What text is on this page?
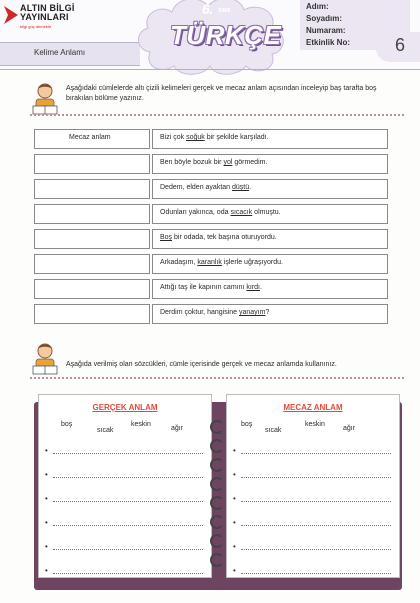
ALTIN BİLGİ
YAYINLARI
bilgi güç demektir
Kelime Anlamı
6. SINIF
TÜRKÇE
Adım:
Soyadım:
Numaram:
Etkinlik No: 6
Aşağıdaki cümlelerde altı çizili kelimeleri gerçek ve mecaz anlam açısından inceleyip baş tarafta boş bırakılan bölüme yazınız.
Mecaz anlam	Bizi çok soğuk bir şekilde karşıladı.
Ben böyle bozuk bir yol görmedim.
Dedem, elden ayaktan düştü.
Odunları yakınca, oda sıcacık olmuştu.
Boş bir odada, tek başına oturuyordu.
Arkadaşım, karanlık işlerle uğraşıyordu.
Attığı taş ile kapının camını kırdı.
Derdim çoktur, hangisine yanayım?
Aşağıda verilmiş olan sözcükleri, cümle içerisinde gerçek ve mecaz anlamda kullanınız.
GERÇEK ANLAM
boş
sıcak
keskin
ağır
•
•
•
•
•
•
MECAZ ANLAM
boş
sıcak
keskin
ağır
•
•
•
•
•
•
